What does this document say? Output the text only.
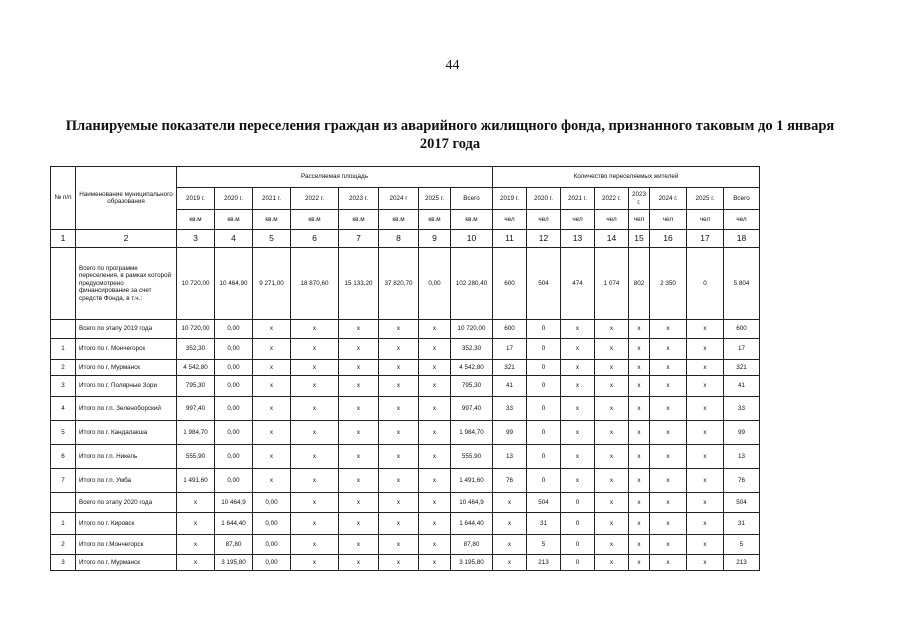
44
Планируемые показатели переселения граждан из аварийного жилищного фонда, признанного таковым до 1 января 2017 года
№ п/п	Наименование муниципального образования	Расселяемая площадь								Количество переселяемых жителей							
		2019 г.	2020 г.	2021 г.	2022 г.	2023 г.	2024 г	2025 г.	Всего	2019 г.	2020 г.	2021 г.	2022 г.	2023 г.	2024 г.	2025 г.	Всего
		кв.м	кв.м	кв.м	кв.м	кв.м	кв.м	кв.м	кв.м	чел	чел	чел	чел	чел	чел	чел	чел
1	2	3	4	5	6	7	8	9	10	11	12	13	14	15	16	17	18
	Всего по программе переселения, в рамках которой предусмотрено финансирование за счет средств Фонда, в т.ч.:	10 720,00	10 464,90	9 271,00	18 870,60	15 133,20	37 820,70	0,00	102 280,40	600	504	474	1 074	802	2 350	0	5 804
	Всего по этапу 2019 года	10 720,00	0,00	x	x	x	x	x	10 720,00	600	0	x	x	x	x	x	600
1	Итого по г. Мончегорск	352,30	0,00	x	x	x	x	x	352,30	17	0	x	x	x	x	x	17
2	Итого по г. Мурманск	4 542,80	0,00	x	x	x	x	x	4 542,80	321	0	x	x	x	x	x	321
3	Итого по г. Полярные Зори	795,30	0,00	x	x	x	x	x	795,30	41	0	x	x	x	x	x	41
4	Итого по г.п. Зеленоборский	997,40	0,00	x	x	x	x	x	997,40	33	0	x	x	x	x	x	33
5	Итого по г. Кандалакша	1 984,70	0,00	x	x	x	x	x	1 984,70	99	0	x	x	x	x	x	99
6	Итого по г.п. Никель	555,90	0,00	x	x	x	x	x	555,90	13	0	x	x	x	x	x	13
7	Итого по г.п. Умба	1 491,60	0,00	x	x	x	x	x	1 491,60	76	0	x	x	x	x	x	76
	Всего по этапу 2020 года	x	10 464,9	0,00	x	x	x	x	10 464,9	x	504	0	x	x	x	x	504
1	Итого по г. Кировск	x	1 644,40	0,00	x	x	x	x	1 644,40	x	31	0	x	x	x	x	31
2	Итого по г.Мончегорск	x	87,80	0,00	x	x	x	x	87,80	x	5	0	x	x	x	x	5
3	Итого по г. Мурманск	x	3 195,80	0,00	x	x	x	x	3 195,80	x	213	0	x	x	x	x	213
